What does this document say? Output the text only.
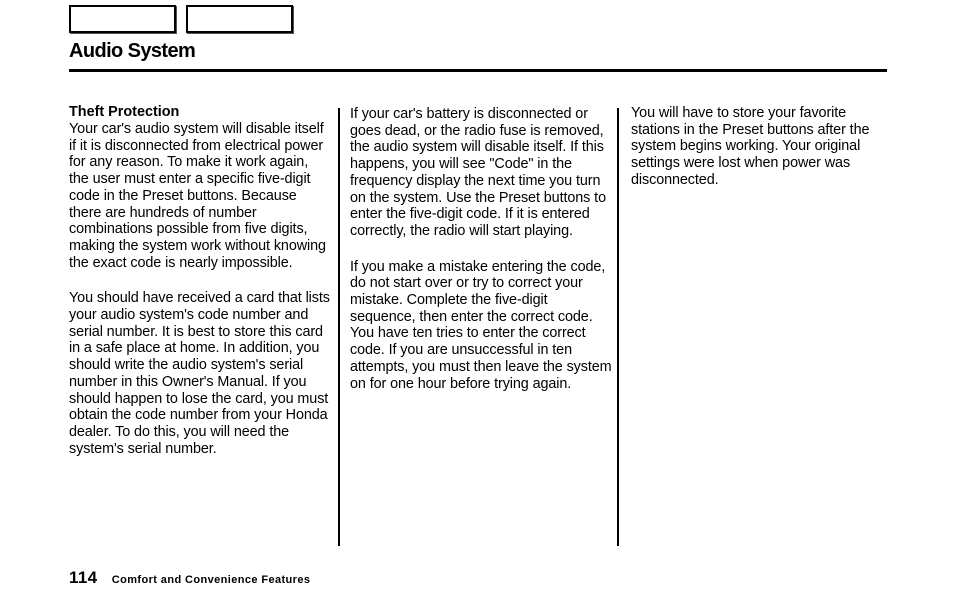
Audio System
Theft Protection

Your car's audio system will disable itself if it is disconnected from electrical power for any reason. To make it work again, the user must enter a specific five-digit code in the Preset buttons. Because there are hundreds of number combinations possible from five digits, making the system work without knowing the exact code is nearly impossible.

You should have received a card that lists your audio system's code number and serial number. It is best to store this card in a safe place at home. In addition, you should write the audio system's serial number in this Owner's Manual. If you should happen to lose the card, you must obtain the code number from your Honda dealer. To do this, you will need the system's serial number.

If your car's battery is disconnected or goes dead, or the radio fuse is removed, the audio system will disable itself. If this happens, you will see "Code" in the frequency display the next time you turn on the system. Use the Preset buttons to enter the five-digit code. If it is entered correctly, the radio will start playing.

If you make a mistake entering the code, do not start over or try to correct your mistake. Complete the five-digit sequence, then enter the correct code. You have ten tries to enter the correct code. If you are unsuccessful in ten attempts, you must then leave the system on for one hour before trying again.

You will have to store your favorite stations in the Preset buttons after the system begins working. Your original settings were lost when power was disconnected.

114 Comfort and Convenience Features
